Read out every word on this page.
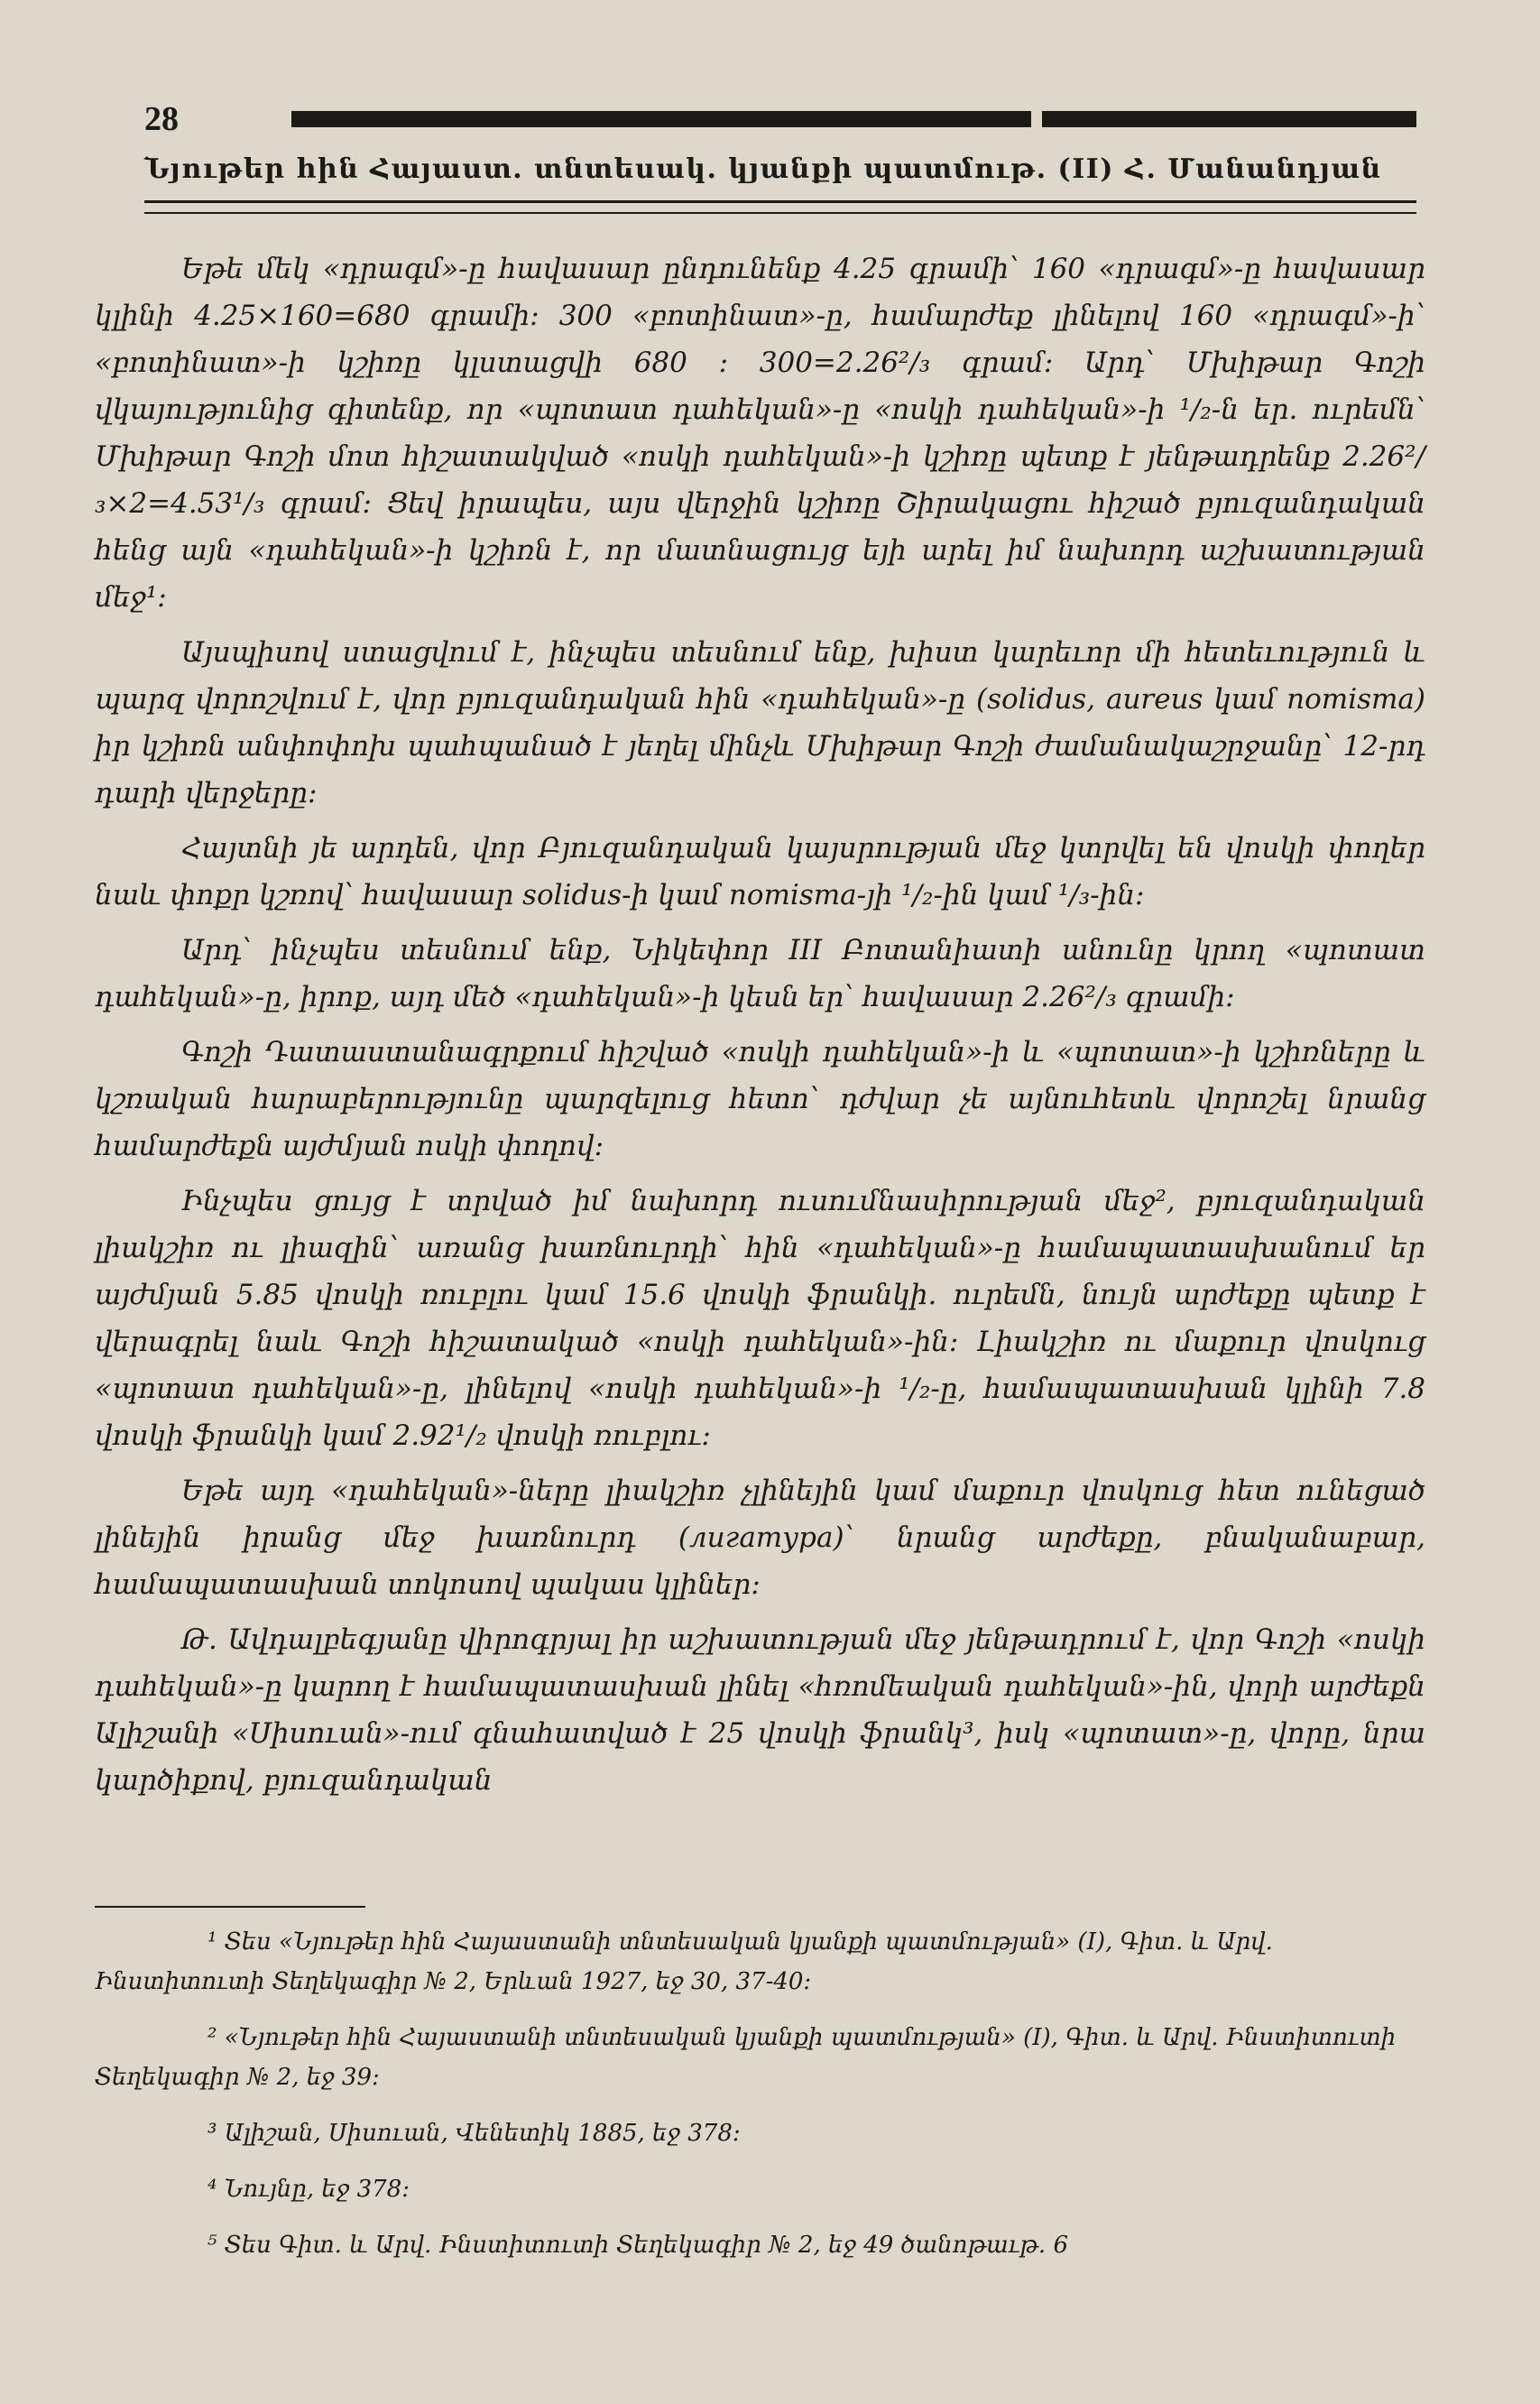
28
Նյութեր հին Հայաստ. տնտեսակ. կյանքի պատմութ. (II) Հ. Մանանդյան

Եթե մեկ «դրագմ»-ը հավասար ընդունենք 4.25 գրամի՝ 160 «դրագմ»-ը հավասար կլինի 4.25×160=680 գրամի: 300 «բոտինատ»-ը, համարժեք լինելով 160 «դրագմ»-ի՝ «բոտինատ»-ի կշիռը կլստացվի 680 : 300=2.26²/₃ գրամ: Արդ՝ Մխիթար Գոշի վկայությունից գիտենք, որ «պոտատ դահեկան»-ը «ոսկի դահեկան»-ի ¹/₂-ն եր. ուրեմն՝ Մխիթար Գոշի մոտ հիշատակված «ոսկի դահեկան»-ի կշիռը պետք է յենթադրենք 2.26²/₃×2=4.53¹/₃ գրամ: Ցեվ իրապես, այս վերջին կշիռը Շիրակացու հիշած բյուզանդական հենց այն «դահեկան»-ի կշիռն է, որ մատնացույց եյի արել իմ նախորդ աշխատության մեջ¹:

Այսպիսով ստացվում է, ինչպես տեսնում ենք, խիստ կարեւոր մի հետեւություն և պարզ վորոշվում է, վոր բյուզանդական հին «դահեկան»-ը (solidus, aureus կամ nomisma) իր կշիռն անփոփոխ պահպանած է յեղել մինչև Մխիթար Գոշի ժամանակաշրջանը՝ 12-րդ դարի վերջերը:

Հայտնի յե արդեն, վոր Բյուզանդական կայսրության մեջ կտրվել են վոսկի փողեր նաև փոքր կշռով՝ հավասար solidus-ի կամ nomisma-յի ¹/₂-ին կամ ¹/₃-ին:

Արդ՝ ինչպես տեսնում ենք, Նիկեփոր III Բոտանիատի անունը կրող «պոտատ դահեկան»-ը, իրոք, այդ մեծ «դահեկան»-ի կեսն եր՝ հավասար 2.26²/₃ գրամի:

Գոշի Դատաստանագրքում հիշված «ոսկի դահեկան»-ի և «պոտատ»-ի կշիռները և կշռական հարաբերությունը պարզելուց հետո՝ դժվար չե այնուհետև վորոշել նրանց համարժեքն այժմյան ոսկի փողով:

Ինչպես ցույց է տրված իմ նախորդ ուսումնասիրության մեջ², բյուզանդական լիակշիռ ու լիազին՝ առանց խառնուրդի՝ հին «դահեկան»-ը համապատասխանում եր այժմյան 5.85 վոսկի ռուբլու կամ 15.6 վոսկի ֆրանկի. ուրեմն, նույն արժեքը պետք է վերագրել նաև Գոշի հիշատակած «ոսկի դահեկան»-ին: Լիակշիռ ու մաքուր վոսկուց «պոտատ դահեկան»-ը, լինելով «ոսկի դահեկան»-ի ¹/₂-ը, համապատասխան կլինի 7.8 վոսկի ֆրանկի կամ 2.92¹/₂ վոսկի ռուբլու:

Եթե այդ «դահեկան»-ները լիակշիռ չլինեյին կամ մաքուր վոսկուց հետ ունեցած լինեյին իրանց մեջ խառնուրդ (лигатура)՝ նրանց արժեքը, բնականաբար, համապատասխան տոկոսով պակաս կլիներ:

Թ. Ավդալբեգյանը վիրոգրյալ իր աշխատության մեջ յենթադրում է, վոր Գոշի «ոսկի դահեկան»-ը կարող է համապատասխան լինել «հռոմեական դահեկան»-ին, վորի արժեքն Ալիշանի «Սիսուան»-ում գնահատված է 25 վոսկի ֆրանկ³, իսկ «պոտատ»-ը, վորը, նրա կարծիքով, բյուզանդական

¹ Տես «Նյութեր հին Հայաստանի տնտեսական կյանքի պատմության» (I), Գիտ. և Արվ. Ինստիտուտի Տեղեկագիր № 2, Երևան 1927, եջ 30, 37-40:

² «Նյութեր հին Հայաստանի տնտեսական կյանքի պատմության» (I), Գիտ. և Արվ. Ինստիտուտի Տեղեկագիր № 2, եջ 39:

³ Ալիշան, Սիսուան, Վենետիկ 1885, եջ 378:

⁴ Նույնը, եջ 378:

⁵ Տես Գիտ. և Արվ. Ինստիտուտի Տեղեկագիր № 2, եջ 49 ծանոթաւթ. 6
